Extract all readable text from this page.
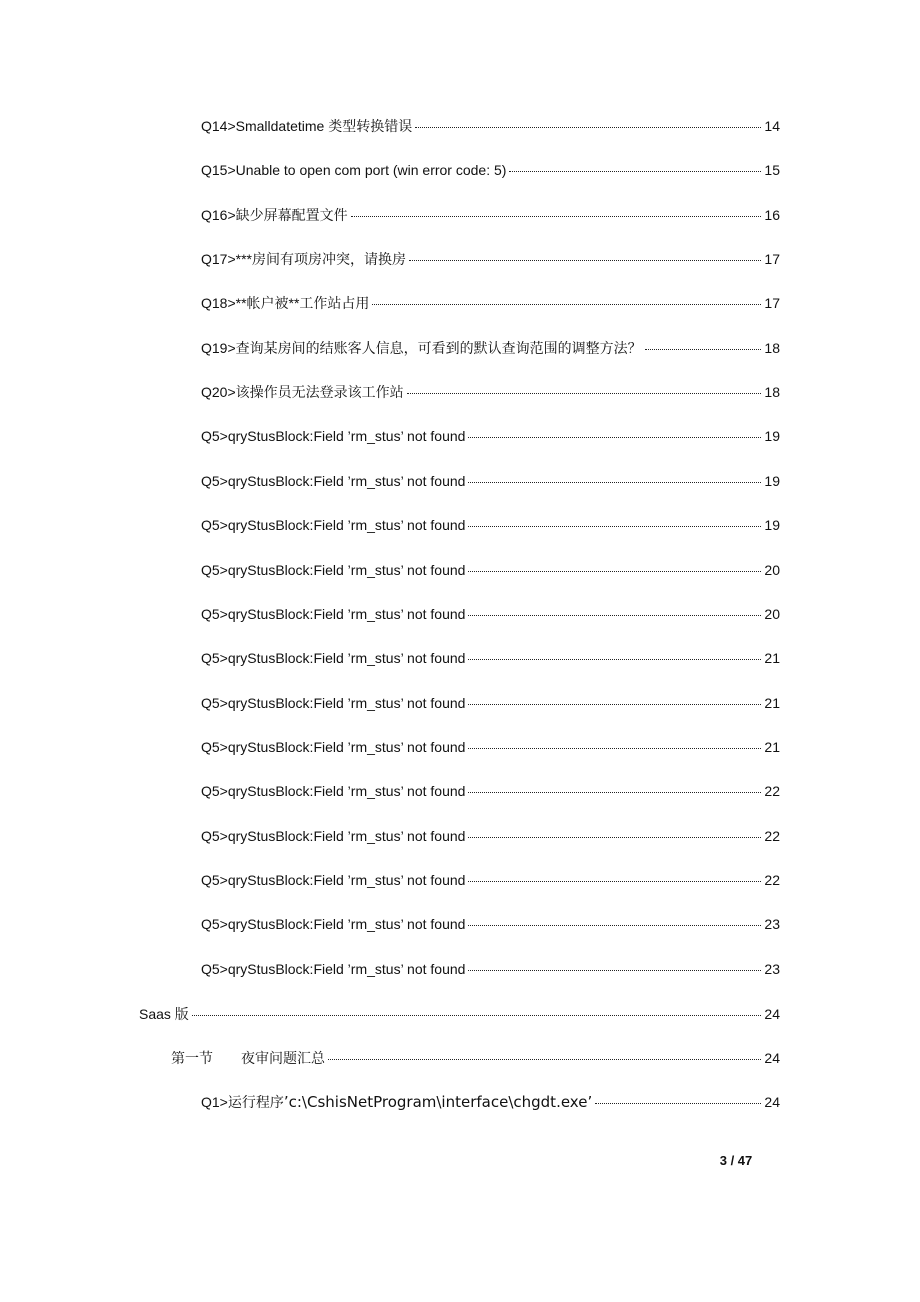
Q14>Smalldatetime 类型转换错误	14
Q15>Unable to open com port (win error code: 5)	15
Q16>缺少屏幕配置文件	16
Q17>***房间有项房冲突，请换房	17
Q18>**帐户被**工作站占用	17
Q19>查询某房间的结账客人信息，可看到的默认查询范围的调整方法？	18
Q20>该操作员无法登录该工作站	18
Q5>qryStusBlock:Field ’rm_stus’ not found	19
Q5>qryStusBlock:Field ’rm_stus’ not found	19
Q5>qryStusBlock:Field ’rm_stus’ not found	19
Q5>qryStusBlock:Field ’rm_stus’ not found	20
Q5>qryStusBlock:Field ’rm_stus’ not found	20
Q5>qryStusBlock:Field ’rm_stus’ not found	21
Q5>qryStusBlock:Field ’rm_stus’ not found	21
Q5>qryStusBlock:Field ’rm_stus’ not found	21
Q5>qryStusBlock:Field ’rm_stus’ not found	22
Q5>qryStusBlock:Field ’rm_stus’ not found	22
Q5>qryStusBlock:Field ’rm_stus’ not found	22
Q5>qryStusBlock:Field ’rm_stus’ not found	23
Q5>qryStusBlock:Field ’rm_stus’ not found	23
Saas 版	24
第一节 夜审问题汇总	24
Q1>运行程序’c:\CshisNetProgram\interface\chgdt.exe’	24
3 / 47
